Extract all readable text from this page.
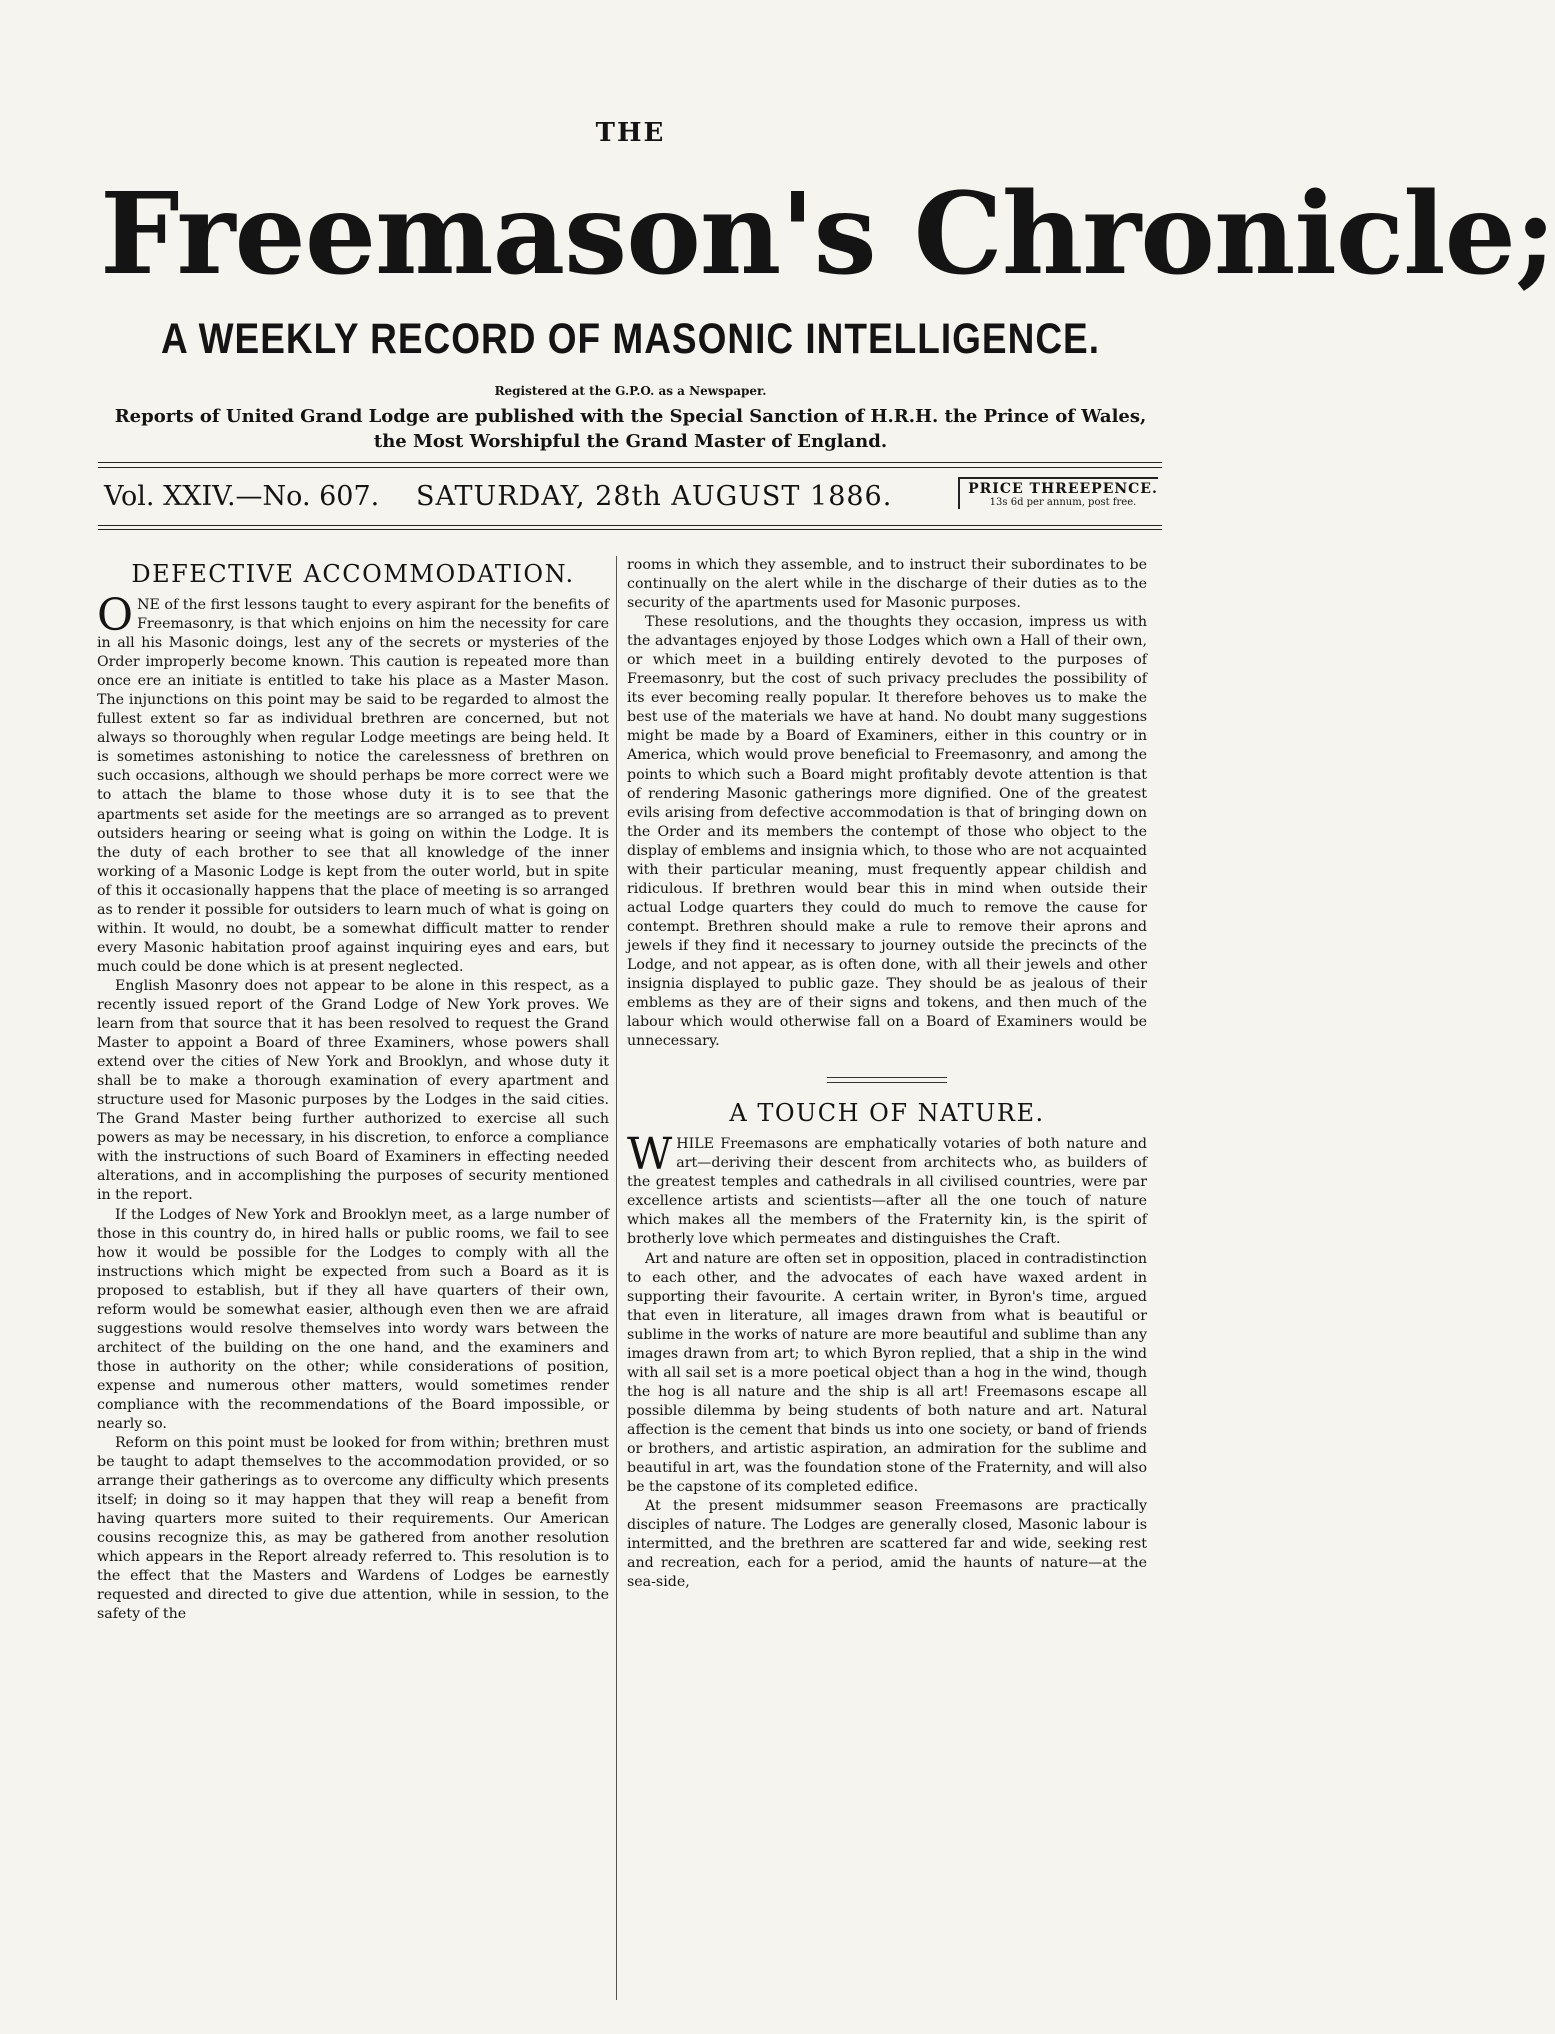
THE
Freemason's Chronicle;
A WEEKLY RECORD OF MASONIC INTELLIGENCE.
Registered at the G.P.O. as a Newspaper.
Reports of United Grand Lodge are published with the Special Sanction of H.R.H. the Prince of Wales,
the Most Worshipful the Grand Master of England.
Vol. XXIV.—No. 607. SATURDAY, 28th AUGUST 1886.	PRICE THREEPENCE.
13s 6d per annum, post free.
DEFECTIVE ACCOMMODATION.

ONE of the first lessons taught to every aspirant for the benefits of Freemasonry, is that which enjoins on him the necessity for care in all his Masonic doings, lest any of the secrets or mysteries of the Order improperly become known. This caution is repeated more than once ere an initiate is entitled to take his place as a Master Mason. The injunctions on this point may be said to be regarded to almost the fullest extent so far as individual brethren are concerned, but not always so thoroughly when regular Lodge meetings are being held. It is sometimes astonishing to notice the carelessness of brethren on such occasions, although we should perhaps be more correct were we to attach the blame to those whose duty it is to see that the apartments set aside for the meetings are so arranged as to prevent outsiders hearing or seeing what is going on within the Lodge. It is the duty of each brother to see that all knowledge of the inner working of a Masonic Lodge is kept from the outer world, but in spite of this it occasionally happens that the place of meeting is so arranged as to render it possible for outsiders to learn much of what is going on within. It would, no doubt, be a somewhat difficult matter to render every Masonic habitation proof against inquiring eyes and ears, but much could be done which is at present neglected.

English Masonry does not appear to be alone in this respect, as a recently issued report of the Grand Lodge of New York proves. We learn from that source that it has been resolved to request the Grand Master to appoint a Board of three Examiners, whose powers shall extend over the cities of New York and Brooklyn, and whose duty it shall be to make a thorough examination of every apartment and structure used for Masonic purposes by the Lodges in the said cities. The Grand Master being further authorized to exercise all such powers as may be necessary, in his discretion, to enforce a compliance with the instructions of such Board of Examiners in effecting needed alterations, and in accomplishing the purposes of security mentioned in the report.

If the Lodges of New York and Brooklyn meet, as a large number of those in this country do, in hired halls or public rooms, we fail to see how it would be possible for the Lodges to comply with all the instructions which might be expected from such a Board as it is proposed to establish, but if they all have quarters of their own, reform would be somewhat easier, although even then we are afraid suggestions would resolve themselves into wordy wars between the architect of the building on the one hand, and the examiners and those in authority on the other; while considerations of position, expense and numerous other matters, would sometimes render compliance with the recommendations of the Board impossible, or nearly so.

Reform on this point must be looked for from within; brethren must be taught to adapt themselves to the accommodation provided, or so arrange their gatherings as to overcome any difficulty which presents itself; in doing so it may happen that they will reap a benefit from having quarters more suited to their requirements. Our American cousins recognize this, as may be gathered from another resolution which appears in the Report already referred to. This resolution is to the effect that the Masters and Wardens of Lodges be earnestly requested and directed to give due attention, while in session, to the safety of the

rooms in which they assemble, and to instruct their subordinates to be continually on the alert while in the discharge of their duties as to the security of the apartments used for Masonic purposes.

These resolutions, and the thoughts they occasion, impress us with the advantages enjoyed by those Lodges which own a Hall of their own, or which meet in a building entirely devoted to the purposes of Freemasonry, but the cost of such privacy precludes the possibility of its ever becoming really popular. It therefore behoves us to make the best use of the materials we have at hand. No doubt many suggestions might be made by a Board of Examiners, either in this country or in America, which would prove beneficial to Freemasonry, and among the points to which such a Board might profitably devote attention is that of rendering Masonic gatherings more dignified. One of the greatest evils arising from defective accommodation is that of bringing down on the Order and its members the contempt of those who object to the display of emblems and insignia which, to those who are not acquainted with their particular meaning, must frequently appear childish and ridiculous. If brethren would bear this in mind when outside their actual Lodge quarters they could do much to remove the cause for contempt. Brethren should make a rule to remove their aprons and jewels if they find it necessary to journey outside the precincts of the Lodge, and not appear, as is often done, with all their jewels and other insignia displayed to public gaze. They should be as jealous of their emblems as they are of their signs and tokens, and then much of the labour which would otherwise fall on a Board of Examiners would be unnecessary.

A TOUCH OF NATURE.

WHILE Freemasons are emphatically votaries of both nature and art—deriving their descent from architects who, as builders of the greatest temples and cathedrals in all civilised countries, were par excellence artists and scientists—after all the one touch of nature which makes all the members of the Fraternity kin, is the spirit of brotherly love which permeates and distinguishes the Craft.

Art and nature are often set in opposition, placed in contradistinction to each other, and the advocates of each have waxed ardent in supporting their favourite. A certain writer, in Byron's time, argued that even in literature, all images drawn from what is beautiful or sublime in the works of nature are more beautiful and sublime than any images drawn from art; to which Byron replied, that a ship in the wind with all sail set is a more poetical object than a hog in the wind, though the hog is all nature and the ship is all art! Freemasons escape all possible dilemma by being students of both nature and art. Natural affection is the cement that binds us into one society, or band of friends or brothers, and artistic aspiration, an admiration for the sublime and beautiful in art, was the foundation stone of the Fraternity, and will also be the capstone of its completed edifice.

At the present midsummer season Freemasons are practically disciples of nature. The Lodges are generally closed, Masonic labour is intermitted, and the brethren are scattered far and wide, seeking rest and recreation, each for a period, amid the haunts of nature—at the sea-side,
